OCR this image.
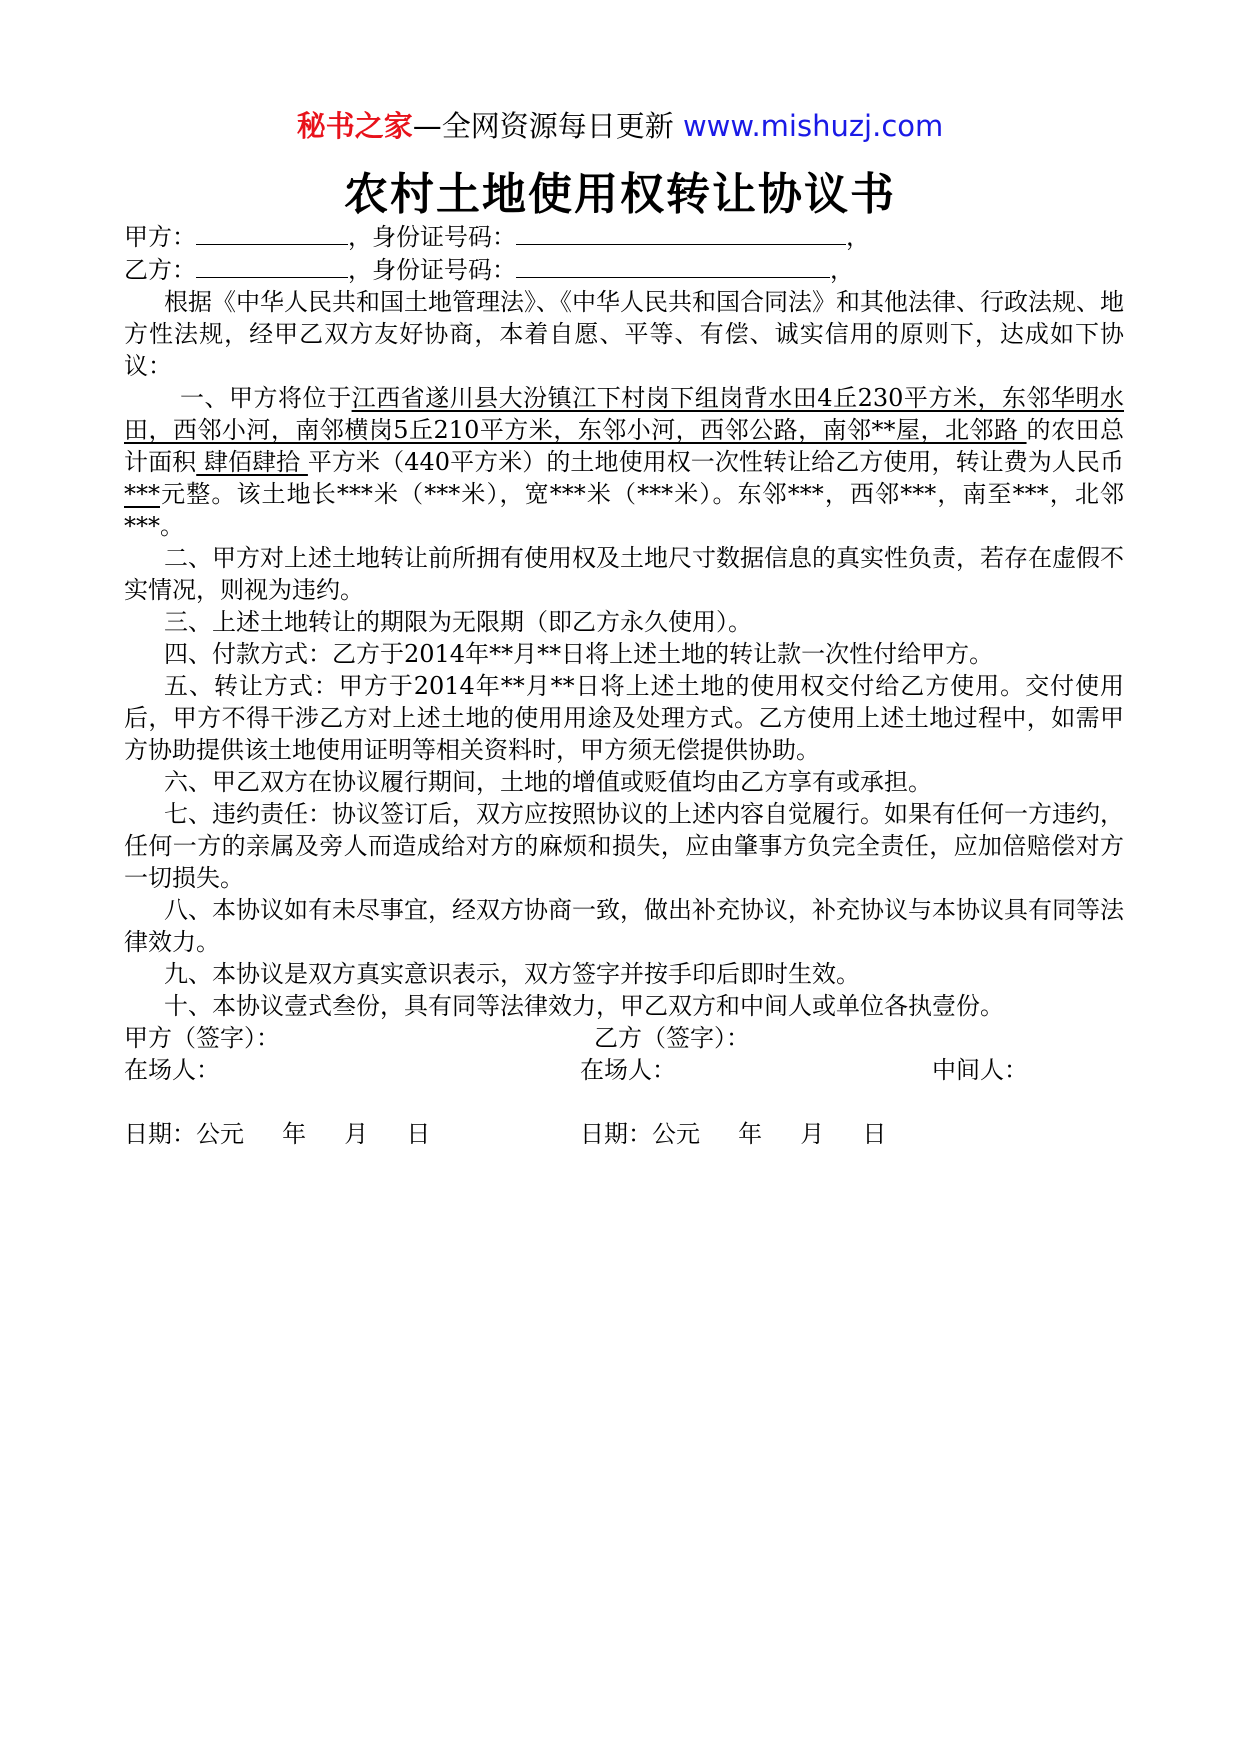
秘书之家—全网资源每日更新 www.mishuzj.com
农村土地使用权转让协议书

甲方：	，身份证号码：	，

乙方：	，身份证号码：	，

根据《中华人民共和国土地管理法》、《中华人民共和国合同法》和其他法律、行政法规、地方性法规，经甲乙双方友好协商，本着自愿、平等、有偿、诚实信用的原则下，达成如下协议：

一、甲方将位于江西省遂川县大汾镇江下村岗下组岗背水田4丘230平方米，东邻华明水田，西邻小河，南邻横岗5丘210平方米，东邻小河，西邻公路，南邻**屋，北邻路 的农田总计面积 肆佰肆拾 平方米（440平方米）的土地使用权一次性转让给乙方使用，转让费为人民币***元整。该土地长***米（***米），宽***米（***米）。东邻***，西邻***，南至***，北邻***。

二、甲方对上述土地转让前所拥有使用权及土地尺寸数据信息的真实性负责，若存在虚假不实情况，则视为违约。

三、上述土地转让的期限为无限期（即乙方永久使用）。

四、付款方式：乙方于2014年**月**日将上述土地的转让款一次性付给甲方。

五、转让方式：甲方于2014年**月**日将上述土地的使用权交付给乙方使用。交付使用后，甲方不得干涉乙方对上述土地的使用用途及处理方式。乙方使用上述土地过程中，如需甲方协助提供该土地使用证明等相关资料时，甲方须无偿提供协助。

六、甲乙双方在协议履行期间，土地的增值或贬值均由乙方享有或承担。

七、违约责任：协议签订后，双方应按照协议的上述内容自觉履行。如果有任何一方违约，任何一方的亲属及旁人而造成给对方的麻烦和损失，应由肇事方负完全责任，应加倍赔偿对方一切损失。

八、本协议如有未尽事宜，经双方协商一致，做出补充协议，补充协议与本协议具有同等法律效力。

九、本协议是双方真实意识表示，双方签字并按手印后即时生效。

十、本协议壹式叁份，具有同等法律效力，甲乙双方和中间人或单位各执壹份。

甲方（签字）：	乙方（签字）：
在场人：	在场人：	中间人：
日期：公元     年     月     日	日期：公元     年     月     日
